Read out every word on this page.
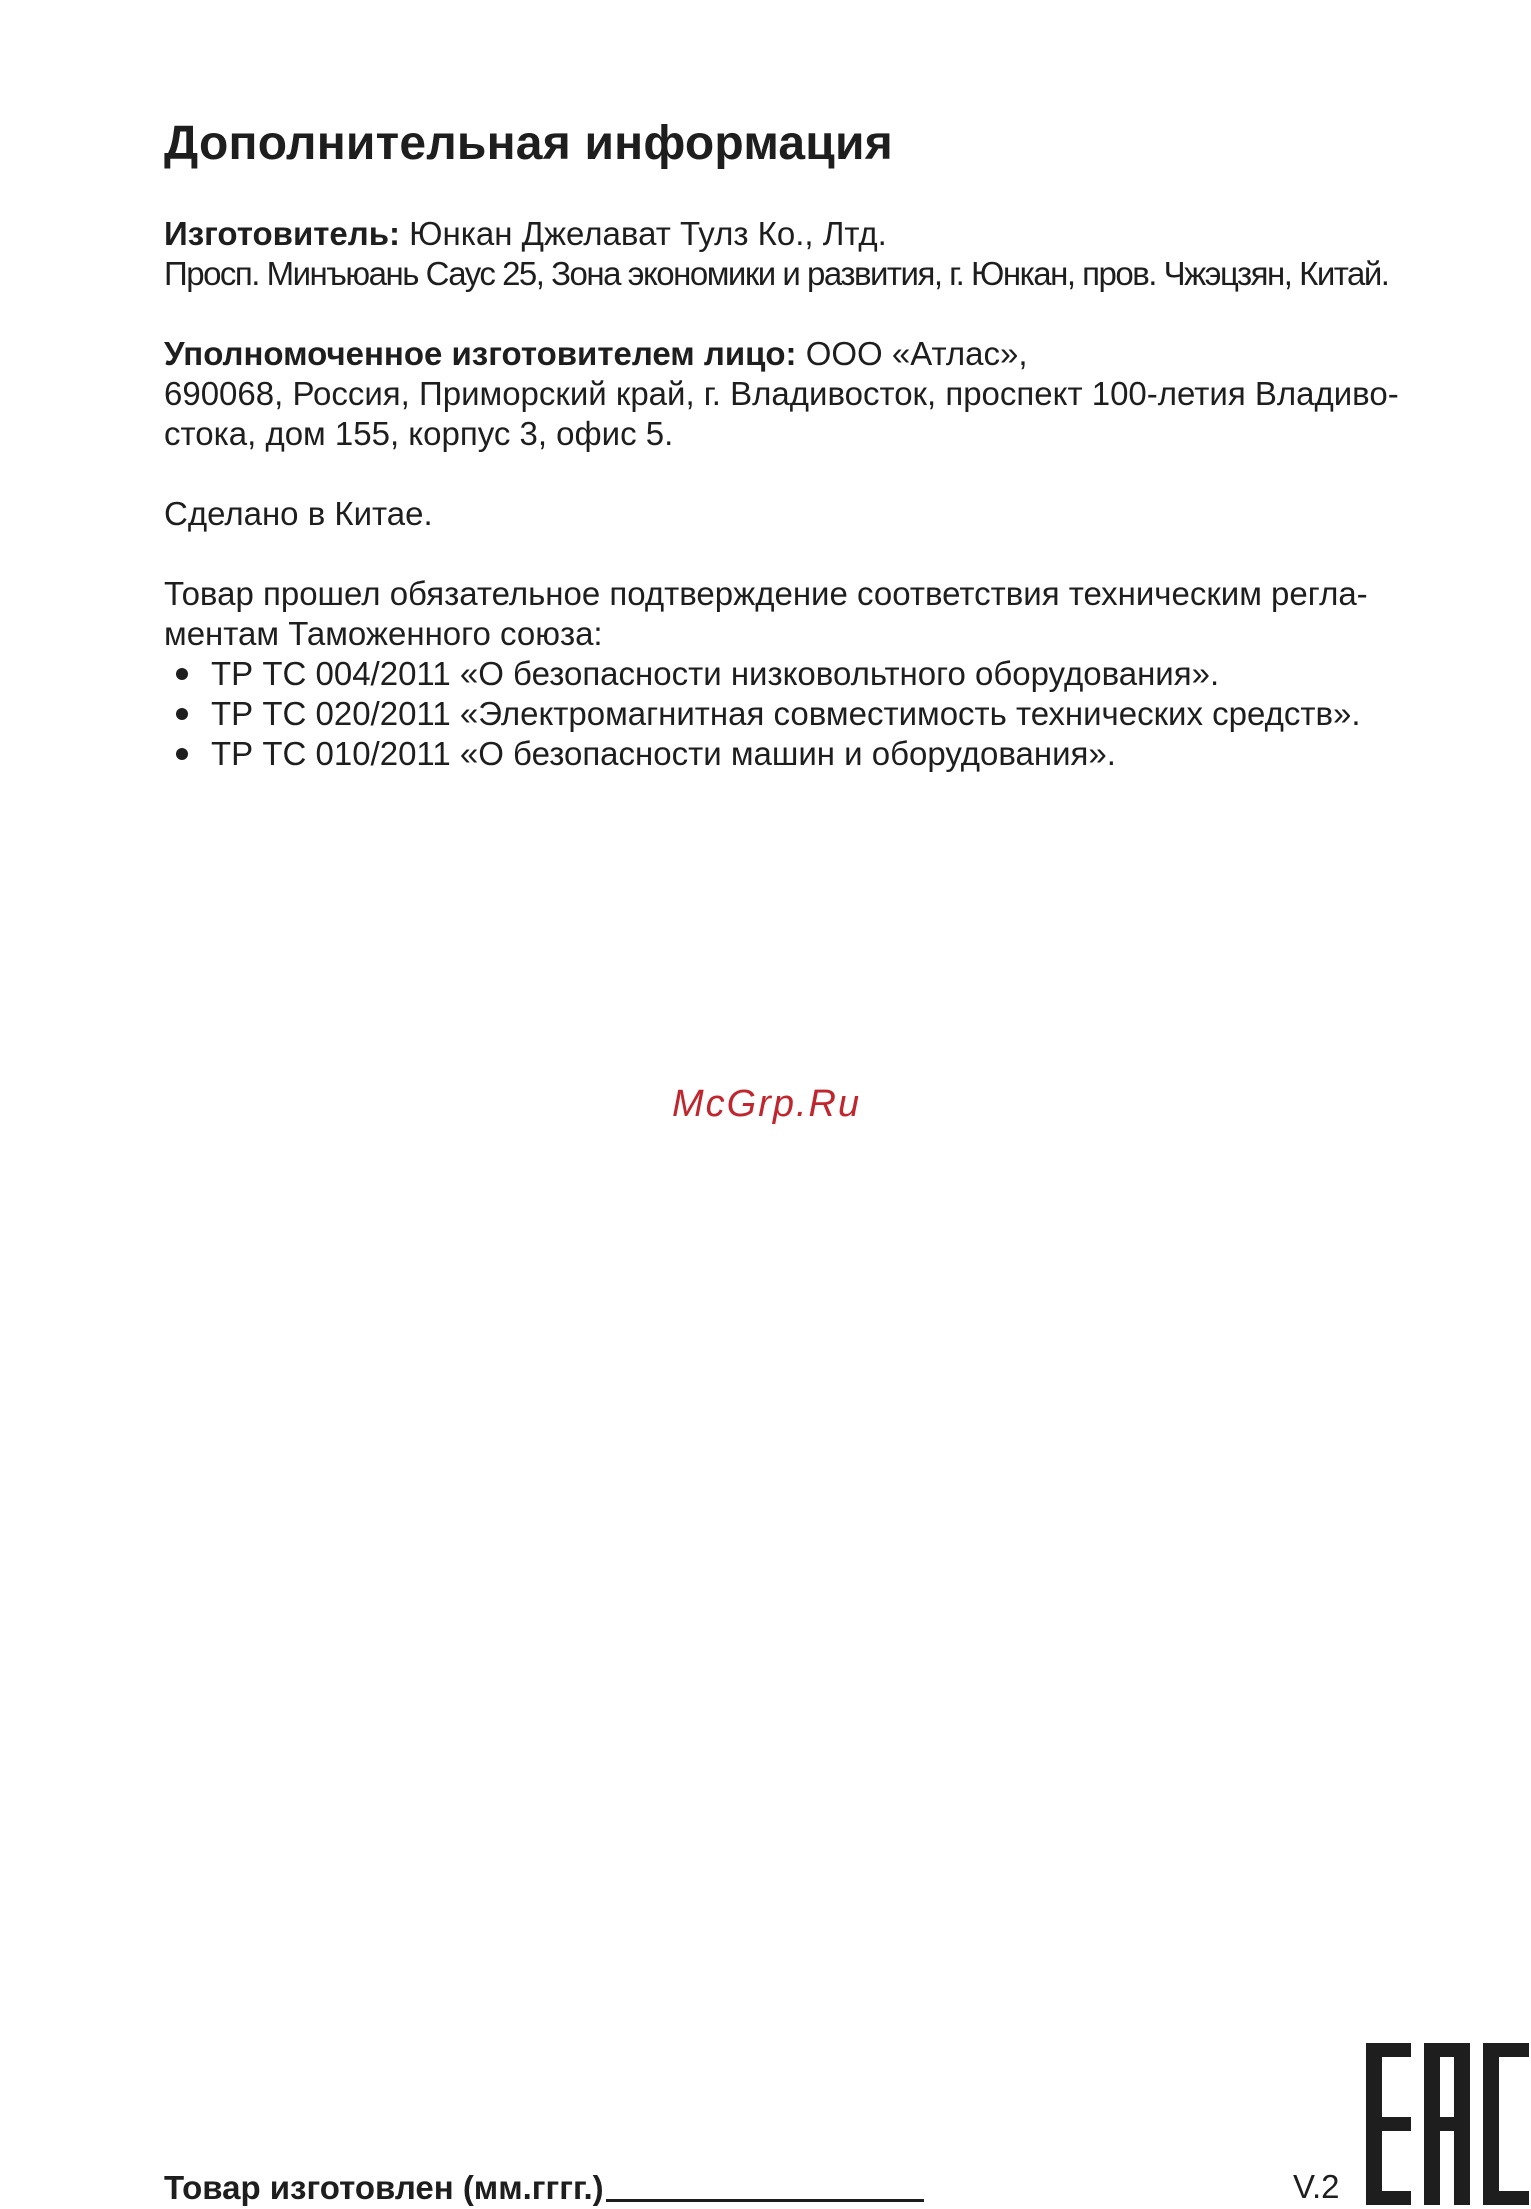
Дополнительная информация

Изготовитель: Юнкан Джелават Тулз Ко., Лтд.
Просп. Минъюань Саус 25, Зона экономики и развития, г. Юнкан, пров. Чжэцзян, Китай.

Уполномоченное изготовителем лицо: ООО «Атлас»,
690068, Россия, Приморский край, г. Владивосток, проспект 100-летия Владиво-
стока, дом 155, корпус 3, офис 5.

Сделано в Китае.

Товар прошел обязательное подтверждение соответствия техническим регла-
ментам Таможенного союза:

ТР ТС 004/2011 «О безопасности низковольтного оборудования».
ТР ТС 020/2011 «Электромагнитная совместимость технических средств».
ТР ТС 010/2011 «О безопасности машин и оборудования».
McGrp.Ru
Товар изготовлен (мм.гггг.)	V.2
